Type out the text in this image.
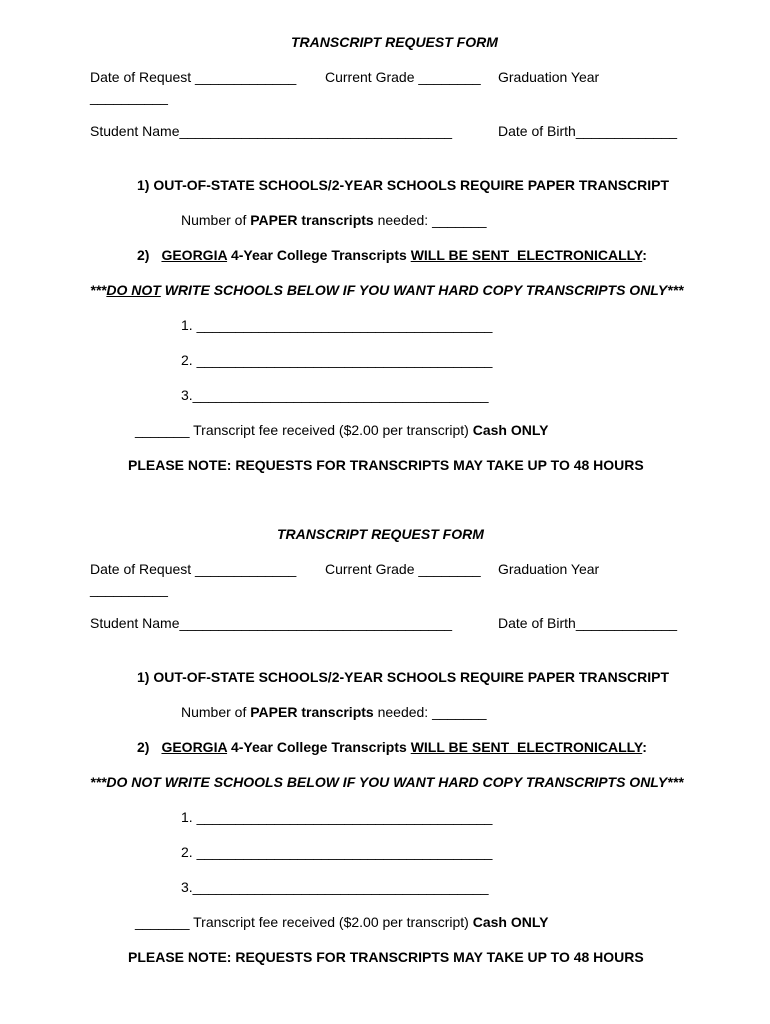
TRANSCRIPT REQUEST FORM
Date of Request _____________ Current Grade ________ Graduation Year
__________
Student Name___________________________________	Date of Birth_____________
1) OUT-OF-STATE SCHOOLS/2-YEAR SCHOOLS REQUIRE PAPER TRANSCRIPT
Number of PAPER transcripts needed: _______
2) GEORGIA 4-Year College Transcripts WILL BE SENT  ELECTRONICALLY:
***DO NOT WRITE SCHOOLS BELOW IF YOU WANT HARD COPY TRANSCRIPTS ONLY***
1. ______________________________________
2. ______________________________________
3.______________________________________
_______ Transcript fee received ($2.00 per transcript) Cash ONLY
PLEASE NOTE: REQUESTS FOR TRANSCRIPTS MAY TAKE UP TO 48 HOURS
TRANSCRIPT REQUEST FORM
Date of Request _____________ Current Grade ________ Graduation Year
__________
Student Name___________________________________	Date of Birth_____________
1) OUT-OF-STATE SCHOOLS/2-YEAR SCHOOLS REQUIRE PAPER TRANSCRIPT
Number of PAPER transcripts needed: _______
2) GEORGIA 4-Year College Transcripts WILL BE SENT  ELECTRONICALLY:
***DO NOT WRITE SCHOOLS BELOW IF YOU WANT HARD COPY TRANSCRIPTS ONLY***
1. ______________________________________
2. ______________________________________
3.______________________________________
_______ Transcript fee received ($2.00 per transcript) Cash ONLY
PLEASE NOTE: REQUESTS FOR TRANSCRIPTS MAY TAKE UP TO 48 HOURS
